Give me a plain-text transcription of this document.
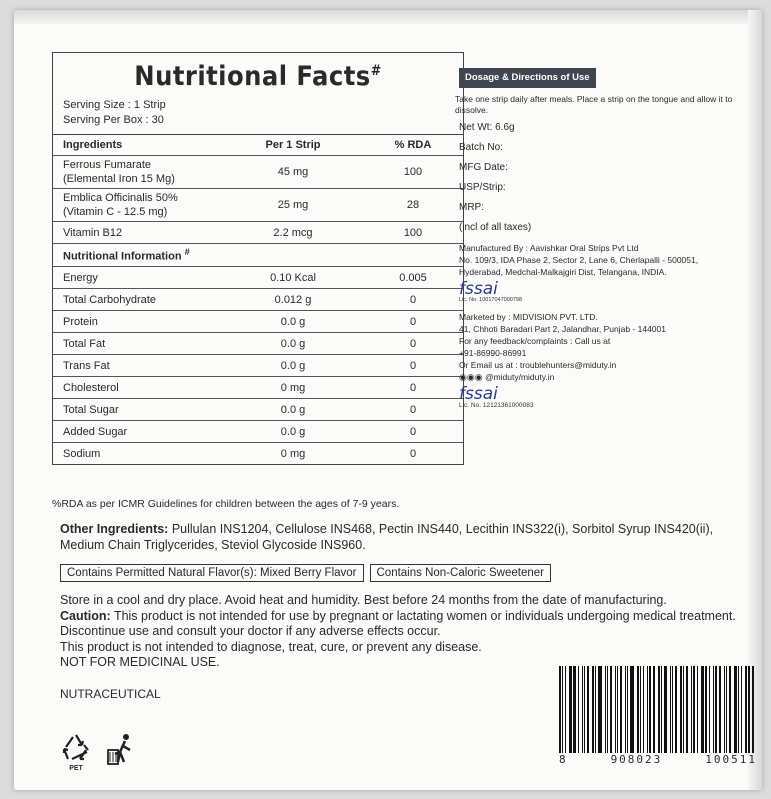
Nutritional Facts#
Serving Size : 1 Strip
Serving Per Box : 30
Ingredients	Per 1 Strip	% RDA
Ferrous Fumarate
(Elemental Iron 15 Mg)	45 mg	100
Emblica Officinalis 50%
(Vitamin C - 12.5 mg)	25 mg	28
Vitamin B12	2.2 mcg	100
Nutritional Information #
Energy	0.10 Kcal	0.005
Total Carbohydrate	0.012 g	0
Protein	0.0 g	0
Total Fat	0.0 g	0
Trans Fat	0.0 g	0
Cholesterol	0 mg	0
Total Sugar	0.0 g	0
Added Sugar	0.0 g	0
Sodium	0 mg	0
%RDA as per ICMR Guidelines for children between the ages of 7-9 years.
Other Ingredients: Pullulan INS1204, Cellulose INS468, Pectin INS440, Lecithin INS322(i), Sorbitol Syrup INS420(ii), Medium Chain Triglycerides, Steviol Glycoside INS960.
Contains Permitted Natural Flavor(s): Mixed Berry Flavor	Contains Non-Caloric Sweetener
Store in a cool and dry place. Avoid heat and humidity. Best before 24 months from the date of manufacturing.
Caution: This product is not intended for use by pregnant or lactating women or individuals undergoing medical treatment. Discontinue use and consult your doctor if any adverse effects occur.
This product is not intended to diagnose, treat, cure, or prevent any disease.
NOT FOR MEDICINAL USE.
NUTRACEUTICAL
PET
Dosage & Directions of Use
Take one strip daily after meals. Place a strip on the tongue and allow it to dissolve.
Net Wt: 6.6g
Batch No:
MFG Date:
USP/Strip:
MRP:
(incl of all taxes)
Manufactured By : Aavishkar Oral Strips Pvt Ltd
No. 109/3, IDA Phase 2, Sector 2, Lane 6, Cherlapalli - 500051,
Hyderabad, Medchal-Malkajgiri Dist, Telangana, INDIA.
fssai
Lic. No. 10017047000798
Marketed by : MIDVISION PVT. LTD.
41, Chhoti Baradari Part 2, Jalandhar, Punjab - 144001
For any feedback/complaints : Call us at
+91-86990-86991
Or Email us at : troublehunters@miduty.in
◉◉◉ @miduty/miduty.in
fssai
Lic. No. 12121361000083
8	908023	100511
